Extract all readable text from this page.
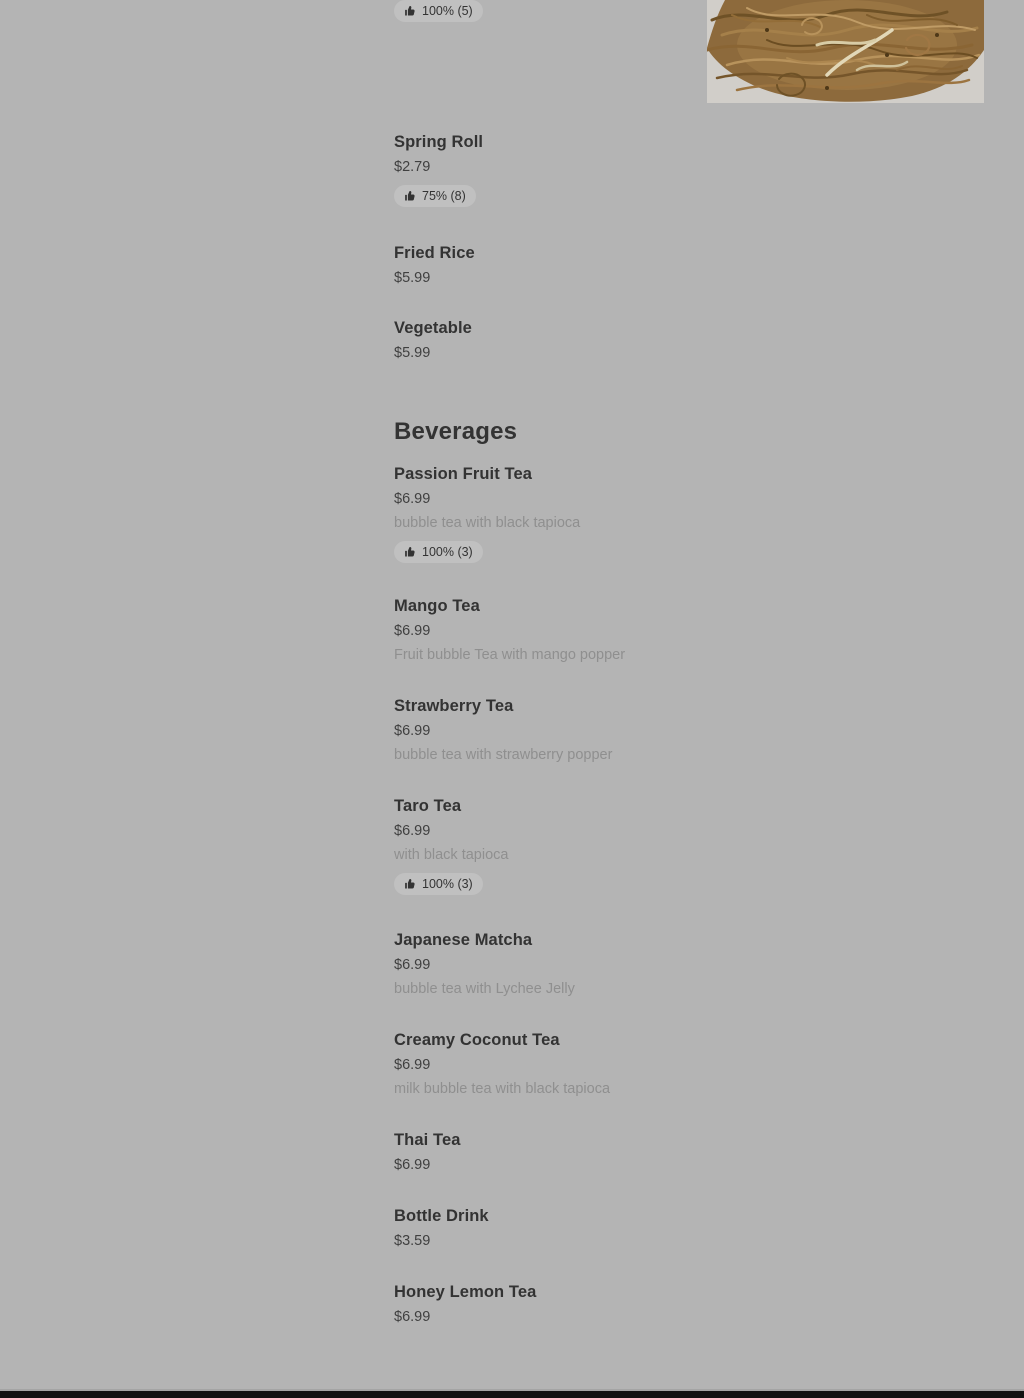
100% (5)
Spring Roll
$2.79
75% (8)
Fried Rice
$5.99
Vegetable
$5.99
Beverages
Passion Fruit Tea
$6.99
bubble tea with black tapioca
100% (3)
Mango Tea
$6.99
Fruit bubble Tea with mango popper
Strawberry Tea
$6.99
bubble tea with strawberry popper
Taro Tea
$6.99
with black tapioca
100% (3)
Japanese Matcha
$6.99
bubble tea with Lychee Jelly
Creamy Coconut Tea
$6.99
milk bubble tea with black tapioca
Thai Tea
$6.99
Bottle Drink
$3.59
Honey Lemon Tea
$6.99
